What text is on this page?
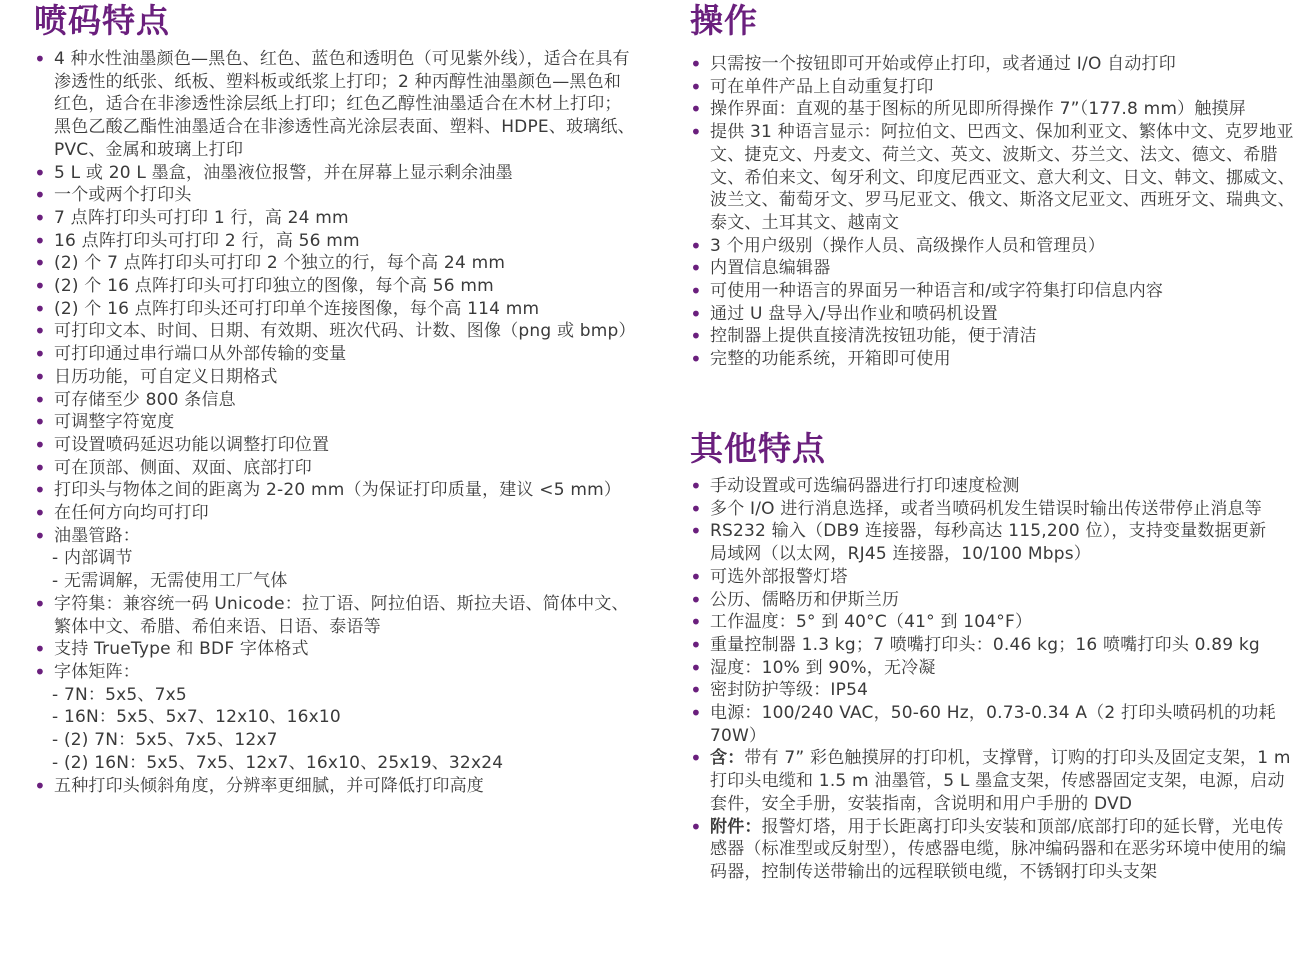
喷码特点
• 4 种水性油墨颜色—黑色、红色、蓝色和透明色（可见紫外线），适合在具有渗透性的纸张、纸板、塑料板或纸浆上打印；2 种丙醇性油墨颜色—黑色和红色，适合在非渗透性涂层纸上打印；红色乙醇性油墨适合在木材上打印；黑色乙酸乙酯性油墨适合在非渗透性高光涂层表面、塑料、HDPE、玻璃纸、PVC、金属和玻璃上打印
• 5 L 或 20 L 墨盒，油墨液位报警，并在屏幕上显示剩余油墨
• 一个或两个打印头
• 7 点阵打印头可打印 1 行，高 24 mm
• 16 点阵打印头可打印 2 行，高 56 mm
• (2) 个 7 点阵打印头可打印 2 个独立的行，每个高 24 mm
• (2) 个 16 点阵打印头可打印独立的图像，每个高 56 mm
• (2) 个 16 点阵打印头还可打印单个连接图像，每个高 114 mm
• 可打印文本、时间、日期、有效期、班次代码、计数、图像（png 或 bmp）
• 可打印通过串行端口从外部传输的变量
• 日历功能，可自定义日期格式
• 可存储至少 800 条信息
• 可调整字符宽度
• 可设置喷码延迟功能以调整打印位置
• 可在顶部、侧面、双面、底部打印
• 打印头与物体之间的距离为 2-20 mm（为保证打印质量，建议 <5 mm）
• 在任何方向均可打印
• 油墨管路：
- 内部调节
- 无需调解，无需使用工厂气体
• 字符集：兼容统一码 Unicode：拉丁语、阿拉伯语、斯拉夫语、简体中文、繁体中文、希腊、希伯来语、日语、泰语等
• 支持 TrueType 和 BDF 字体格式
• 字体矩阵：
- 7N：5x5、7x5
- 16N：5x5、5x7、12x10、16x10
- (2) 7N：5x5、7x5、12x7
- (2) 16N：5x5、7x5、12x7、16x10、25x19、32x24
• 五种打印头倾斜角度，分辨率更细腻，并可降低打印高度
操作
• 只需按一个按钮即可开始或停止打印，或者通过 I/O 自动打印
• 可在单件产品上自动重复打印
• 操作界面：直观的基于图标的所见即所得操作 7”（177.8 mm）触摸屏
• 提供 31 种语言显示：阿拉伯文、巴西文、保加利亚文、繁体中文、克罗地亚文、捷克文、丹麦文、荷兰文、英文、波斯文、芬兰文、法文、德文、希腊文、希伯来文、匈牙利文、印度尼西亚文、意大利文、日文、韩文、挪威文、波兰文、葡萄牙文、罗马尼亚文、俄文、斯洛文尼亚文、西班牙文、瑞典文、泰文、土耳其文、越南文
• 3 个用户级别（操作人员、高级操作人员和管理员）
• 内置信息编辑器
• 可使用一种语言的界面另一种语言和/或字符集打印信息内容
• 通过 U 盘导入/导出作业和喷码机设置
• 控制器上提供直接清洗按钮功能，便于清洁
• 完整的功能系统，开箱即可使用
其他特点
• 手动设置或可选编码器进行打印速度检测
• 多个 I/O 进行消息选择，或者当喷码机发生错误时输出传送带停止消息等
• RS232 输入（DB9 连接器，每秒高达 115,200 位），支持变量数据更新
局域网（以太网，RJ45 连接器，10/100 Mbps）
• 可选外部报警灯塔
• 公历、儒略历和伊斯兰历
• 工作温度：5° 到 40°C（41° 到 104°F）
• 重量控制器 1.3 kg；7 喷嘴打印头：0.46 kg；16 喷嘴打印头 0.89 kg
• 湿度：10% 到 90%，无冷凝
• 密封防护等级：IP54
• 电源：100/240 VAC，50-60 Hz，0.73-0.34 A（2 打印头喷码机的功耗 70W）
• 含：带有 7” 彩色触摸屏的打印机，支撑臂，订购的打印头及固定支架，1 m 打印头电缆和 1.5 m 油墨管，5 L 墨盒支架，传感器固定支架，电源，启动套件，安全手册，安装指南，含说明和用户手册的 DVD
• 附件：报警灯塔，用于长距离打印头安装和顶部/底部打印的延长臂，光电传感器（标准型或反射型），传感器电缆，脉冲编码器和在恶劣环境中使用的编码器，控制传送带输出的远程联锁电缆，不锈钢打印头支架
